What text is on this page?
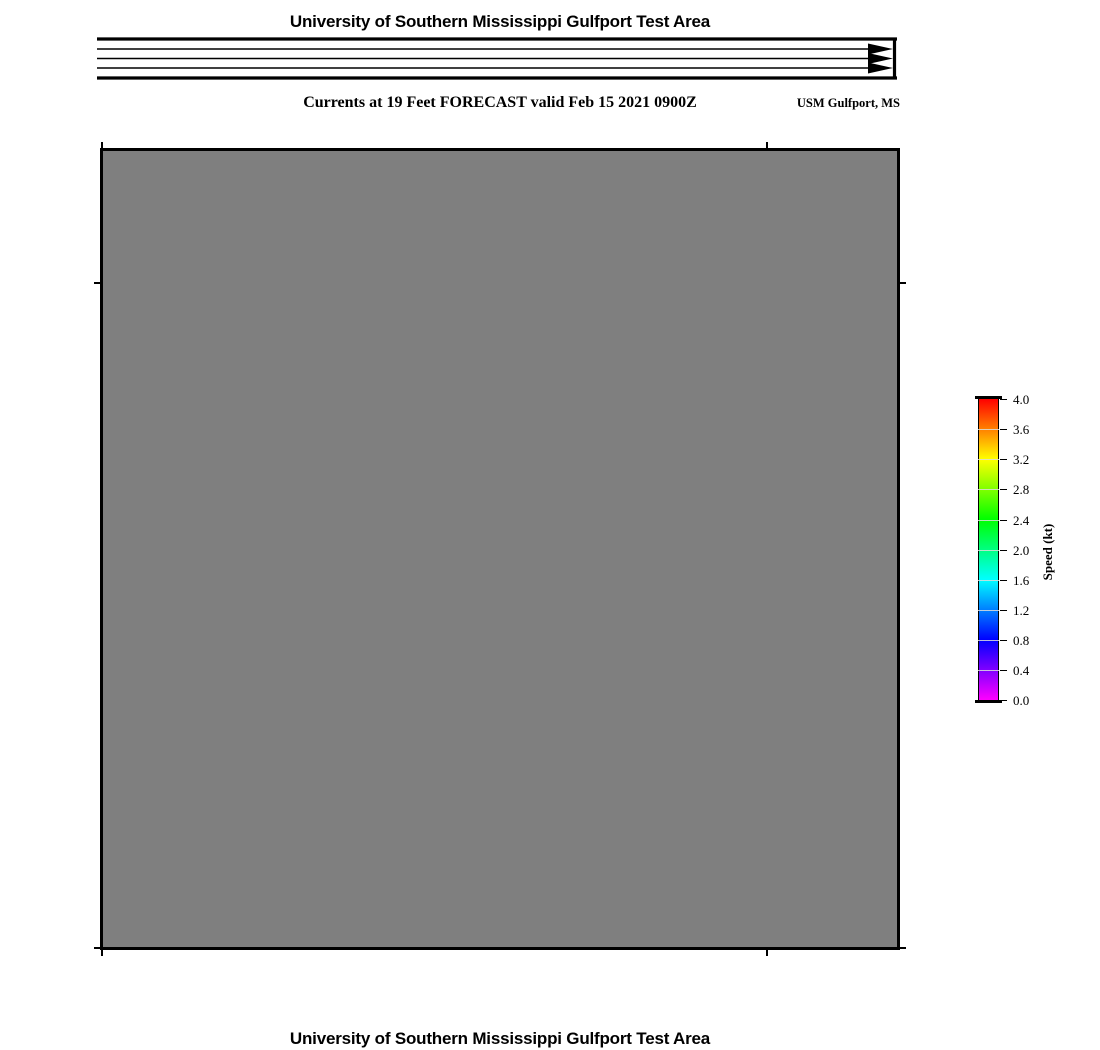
University of Southern Mississippi Gulfport Test Area
Currents at 19 Feet FORECAST valid Feb 15 2021 0900Z	USM Gulfport, MS
4.0
3.6
3.2
2.8
2.4
2.0
1.6
1.2
0.8
0.4
0.0
Speed (kt)
University of Southern Mississippi Gulfport Test Area
